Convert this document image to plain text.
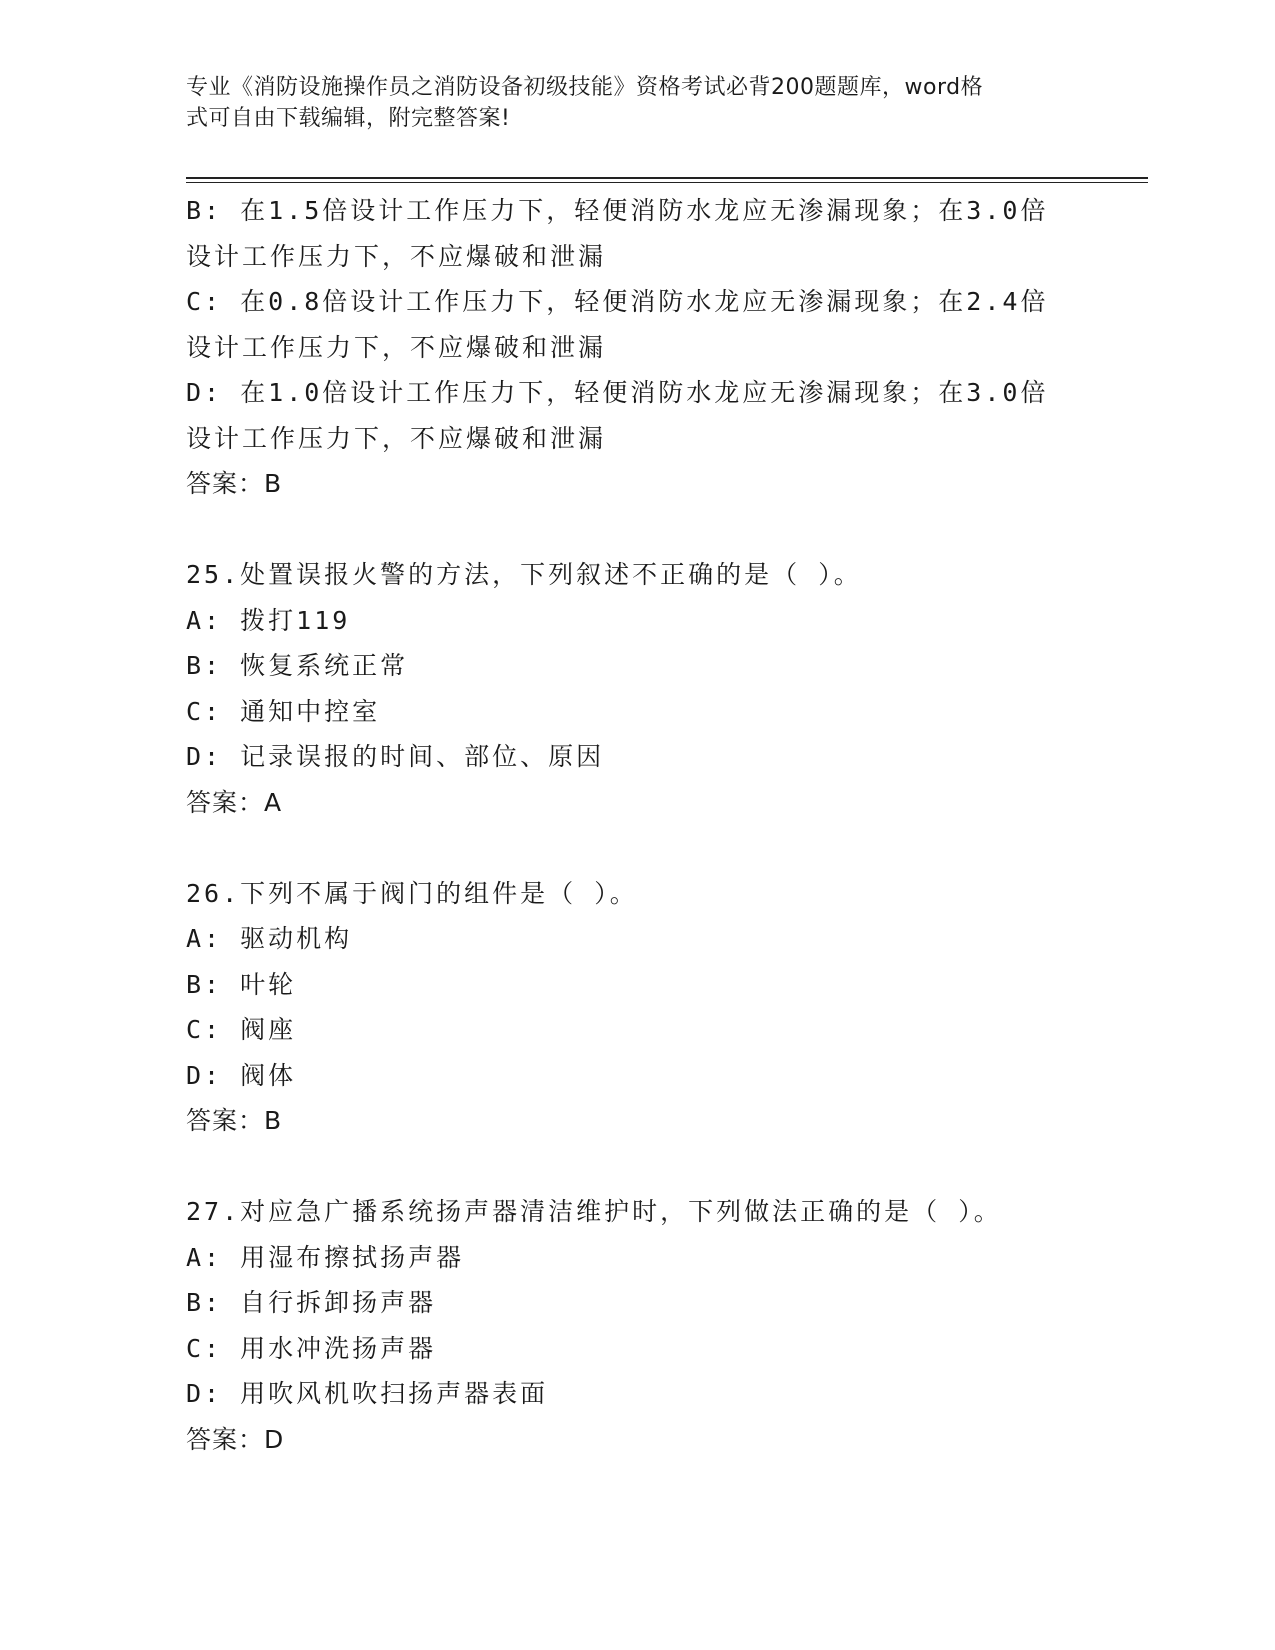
专业《消防设施操作员之消防设备初级技能》资格考试必背200题题库，word格
式可自由下载编辑，附完整答案!
B: 在1.5倍设计工作压力下，轻便消防水龙应无渗漏现象；在3.0倍
设计工作压力下，不应爆破和泄漏
C: 在0.8倍设计工作压力下，轻便消防水龙应无渗漏现象；在2.4倍
设计工作压力下，不应爆破和泄漏
D: 在1.0倍设计工作压力下，轻便消防水龙应无渗漏现象；在3.0倍
设计工作压力下，不应爆破和泄漏
答案：B
25.处置误报火警的方法，下列叙述不正确的是（ ）。
A: 拨打119
B: 恢复系统正常
C: 通知中控室
D: 记录误报的时间、部位、原因
答案：A
26.下列不属于阀门的组件是（ ）。
A: 驱动机构
B: 叶轮
C: 阀座
D: 阀体
答案：B
27.对应急广播系统扬声器清洁维护时，下列做法正确的是（ ）。
A: 用湿布擦拭扬声器
B: 自行拆卸扬声器
C: 用水冲洗扬声器
D: 用吹风机吹扫扬声器表面
答案：D
